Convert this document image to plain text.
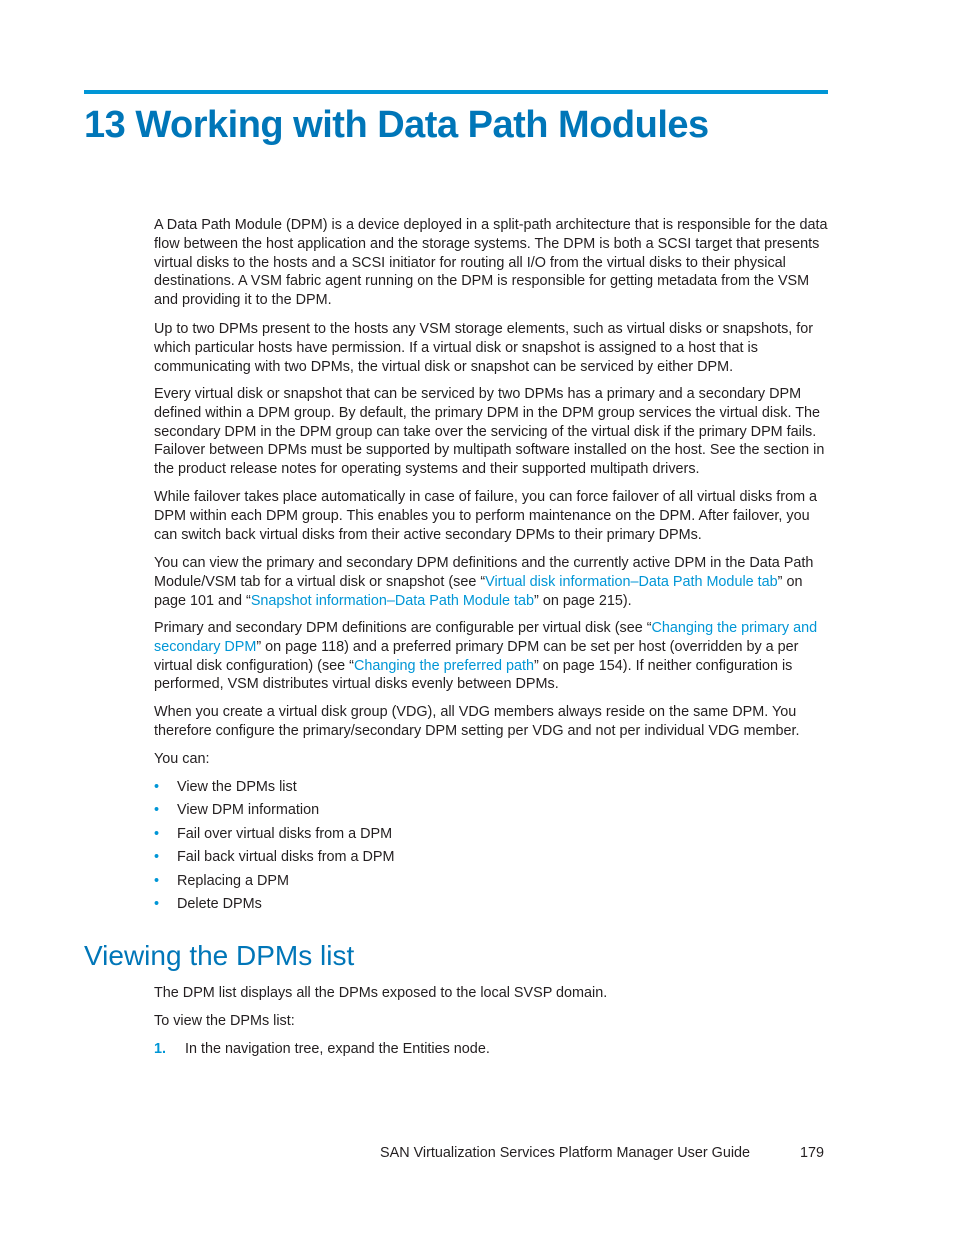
13 Working with Data Path Modules

A Data Path Module (DPM) is a device deployed in a split-path architecture that is responsible for the data flow between the host application and the storage systems. The DPM is both a SCSI target that presents virtual disks to the hosts and a SCSI initiator for routing all I/O from the virtual disks to their physical destinations. A VSM fabric agent running on the DPM is responsible for getting metadata from the VSM and providing it to the DPM.

Up to two DPMs present to the hosts any VSM storage elements, such as virtual disks or snapshots, for which particular hosts have permission. If a virtual disk or snapshot is assigned to a host that is communicating with two DPMs, the virtual disk or snapshot can be serviced by either DPM.

Every virtual disk or snapshot that can be serviced by two DPMs has a primary and a secondary DPM defined within a DPM group. By default, the primary DPM in the DPM group services the virtual disk. The secondary DPM in the DPM group can take over the servicing of the virtual disk if the primary DPM fails. Failover between DPMs must be supported by multipath software installed on the host. See the section in the product release notes for operating systems and their supported multipath drivers.

While failover takes place automatically in case of failure, you can force failover of all virtual disks from a DPM within each DPM group. This enables you to perform maintenance on the DPM. After failover, you can switch back virtual disks from their active secondary DPMs to their primary DPMs.

You can view the primary and secondary DPM definitions and the currently active DPM in the Data Path Module/VSM tab for a virtual disk or snapshot (see “Virtual disk information–Data Path Module tab” on page 101 and “Snapshot information–Data Path Module tab” on page 215).

Primary and secondary DPM definitions are configurable per virtual disk (see “Changing the primary and secondary DPM” on page 118) and a preferred primary DPM can be set per host (overridden by a per virtual disk configuration) (see “Changing the preferred path” on page 154). If neither configuration is performed, VSM distributes virtual disks evenly between DPMs.

When you create a virtual disk group (VDG), all VDG members always reside on the same DPM. You therefore configure the primary/secondary DPM setting per VDG and not per individual VDG member.

You can:

• View the DPMs list
• View DPM information
• Fail over virtual disks from a DPM
• Fail back virtual disks from a DPM
• Replacing a DPM
• Delete DPMs
Viewing the DPMs list

The DPM list displays all the DPMs exposed to the local SVSP domain.

To view the DPMs list:

1. In the navigation tree, expand the Entities node.
SAN Virtualization Services Platform Manager User Guide	179
